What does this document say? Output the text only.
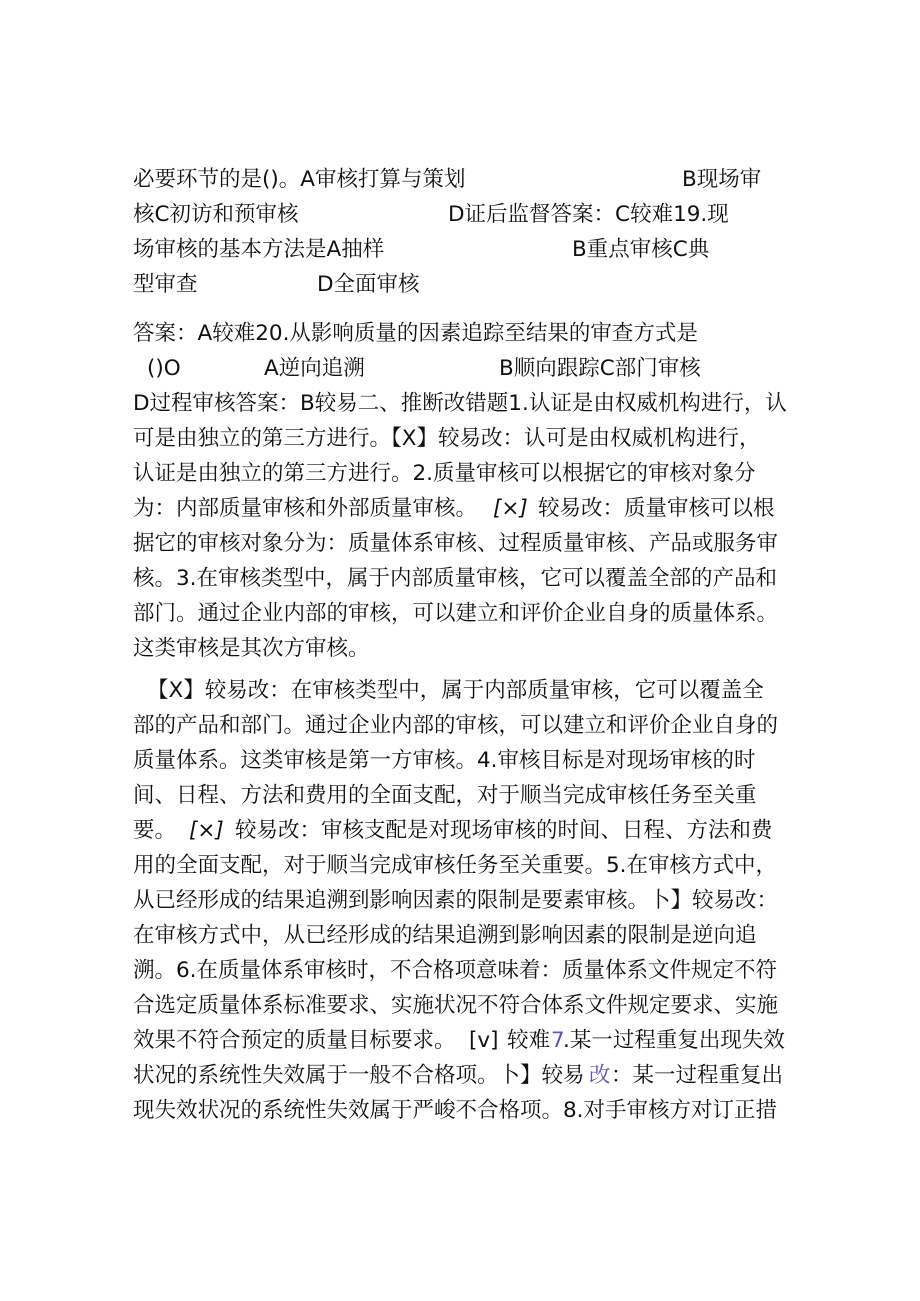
必要环节的是()。A审核打算与策划	B现场审
核C初访和预审核	D证后监督答案：C较难19.现
场审核的基本方法是A抽样	B重点审核C典
型审查	D全面审核
答案：A较难20.从影响质量的因素追踪至结果的审查方式是
()O	A逆向追溯	B顺向跟踪C部门审核
D过程审核答案：B较易二、推断改错题1.认证是由权威机构进行，认
可是由独立的第三方进行。【X】较易改：认可是由权威机构进行，
认证是由独立的第三方进行。2.质量审核可以根据它的审核对象分
为：内部质量审核和外部质量审核。 [×] 较易改：质量审核可以根
据它的审核对象分为：质量体系审核、过程质量审核、产品或服务审
核。3.在审核类型中，属于内部质量审核，它可以覆盖全部的产品和
部门。通过企业内部的审核，可以建立和评价企业自身的质量体系。
这类审核是其次方审核。
【X】较易改：在审核类型中，属于内部质量审核，它可以覆盖全
部的产品和部门。通过企业内部的审核，可以建立和评价企业自身的
质量体系。这类审核是第一方审核。4.审核目标是对现场审核的时
间、日程、方法和费用的全面支配，对于顺当完成审核任务至关重
要。 [×] 较易改：审核支配是对现场审核的时间、日程、方法和费
用的全面支配，对于顺当完成审核任务至关重要。5.在审核方式中，
从已经形成的结果追溯到影响因素的限制是要素审核。卜】较易改：
在审核方式中，从已经形成的结果追溯到影响因素的限制是逆向追
溯。6.在质量体系审核时，不合格项意味着：质量体系文件规定不符
合选定质量体系标准要求、实施状况不符合体系文件规定要求、实施
效果不符合预定的质量目标要求。 [v] 较难 7
.某一过程重复出现失效
状况的系统性失效属于一般不合格项。卜】较易 改 ：某一过程重复出
现失效状况的系统性失效属于严峻不合格项。8.对手审核方对订正措
